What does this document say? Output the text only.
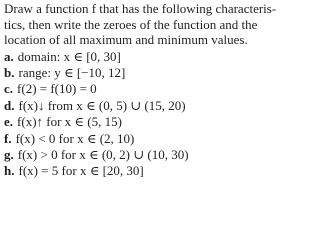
Draw a function f that has the following characteris-
tics, then write the zeroes of the function and the
location of all maximum and minimum values.
a. domain: x ∈ [0, 30]
b. range: y ∈ [−10, 12]
c. f(2) = f(10) = 0
d. f(x)↓ from x ∈ (0, 5) ∪ (15, 20)
e. f(x)↑ for x ∈ (5, 15)
f. f(x) < 0 for x ∈ (2, 10)
g. f(x) > 0 for x ∈ (0, 2) ∪ (10, 30)
h. f(x) = 5 for x ∈ [20, 30]
